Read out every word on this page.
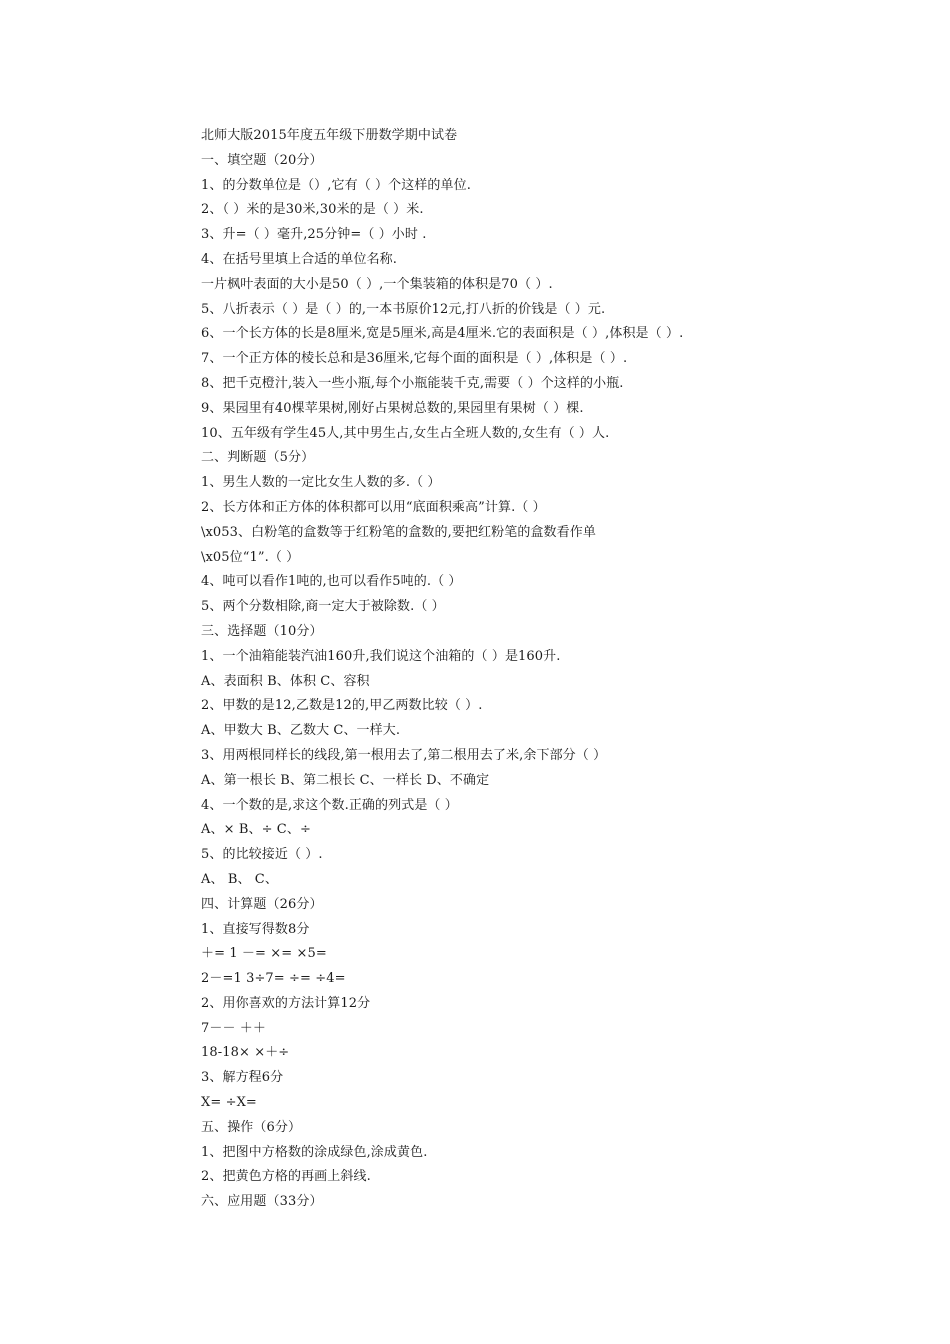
北师大版2015年度五年级下册数学期中试卷
一、填空题（20分）
1、的分数单位是（）,它有（ ）个这样的单位.
2、（ ）米的是30米,30米的是（ ）米.
3、升=（ ）毫升,25分钟=（ ）小时 .
4、在括号里填上合适的单位名称.
一片枫叶表面的大小是50（ ）,一个集装箱的体积是70（ ）.
5、八折表示（ ）是（ ）的,一本书原价12元,打八折的价钱是（ ）元.
6、一个长方体的长是8厘米,宽是5厘米,高是4厘米.它的表面积是（ ）,体积是（ ）.
7、一个正方体的棱长总和是36厘米,它每个面的面积是（ ）,体积是（ ）.
8、把千克橙汁,装入一些小瓶,每个小瓶能装千克,需要（ ）个这样的小瓶.
9、果园里有40棵苹果树,刚好占果树总数的,果园里有果树（ ）棵.
10、五年级有学生45人,其中男生占,女生占全班人数的,女生有（ ）人.
二、判断题（5分）
1、男生人数的一定比女生人数的多.（ ）
2、长方体和正方体的体积都可以用“底面积乘高”计算.（ ）
\x053、白粉笔的盒数等于红粉笔的盒数的,要把红粉笔的盒数看作单
\x05位“1”.（ ）
4、吨可以看作1吨的,也可以看作5吨的.（ ）
5、两个分数相除,商一定大于被除数.（ ）
三、选择题（10分）
1、一个油箱能装汽油160升,我们说这个油箱的（ ）是160升.
A、表面积 B、体积 C、容积
2、甲数的是12,乙数是12的,甲乙两数比较（ ）.
A、甲数大 B、乙数大 C、一样大.
3、用两根同样长的线段,第一根用去了,第二根用去了米,余下部分（ ）
A、第一根长 B、第二根长 C、一样长 D、不确定
4、一个数的是,求这个数.正确的列式是（ ）
A、× B、÷ C、÷
5、的比较接近（ ）.
A、 B、 C、
四、计算题（26分）
1、直接写得数8分
＋= 1 －= ×= ×5=
2－=1 3÷7= ÷= ÷4=
2、用你喜欢的方法计算12分
7－－ ＋＋
18-18× ×＋÷
3、解方程6分
X= ÷X=
五、操作（6分）
1、把图中方格数的涂成绿色,涂成黄色.
2、把黄色方格的再画上斜线.
六、应用题（33分）
